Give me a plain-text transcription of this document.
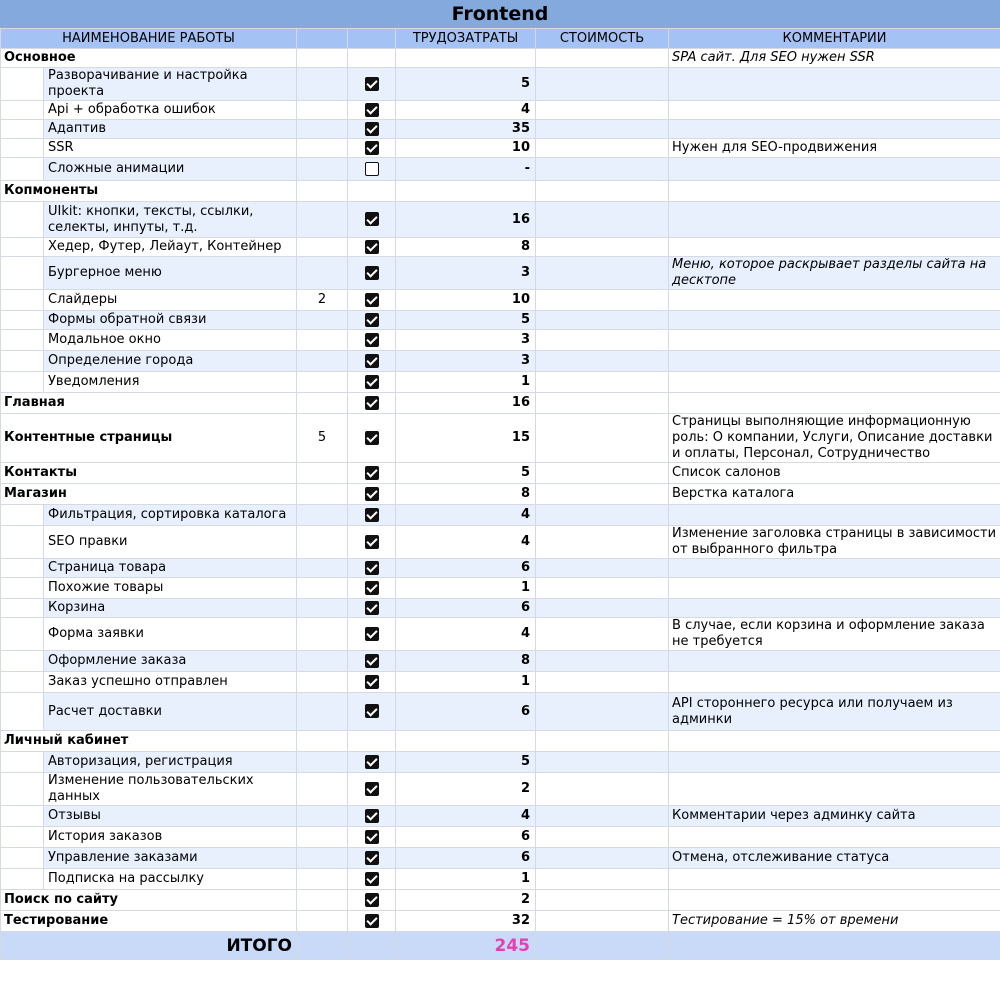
Frontend
НАИМЕНОВАНИЕ РАБОТЫ				ТРУДОЗАТРАТЫ	СТОИМОСТЬ	КОММЕНТАРИИ
Основное						SPA сайт. Для SEO нужен SSR
	Разворачивание и настройка проекта			5		
	Api + обработка ошибок			4		
	Адаптив			35		
	SSR			10		Нужен для SEO-продвижения
	Сложные анимации			-		
Копмоненты						
	UIkit: кнопки, тексты, ссылки, селекты, инпуты, т.д.			16		
	Хедер, Футер, Лейаут, Контейнер			8		
	Бургерное меню			3		Меню, которое раскрывает разделы сайта на десктопе
	Слайдеры	2		10		
	Формы обратной связи			5		
	Модальное окно			3		
	Определение города			3		
	Уведомления			1		
Главная				16		
Контентные страницы		5		15		Страницы выполняющие информационную роль: О компании, Услуги, Описание доставки и оплаты, Персонал, Сотрудничество
Контакты				5		Список салонов
Магазин				8		Верстка каталога
	Фильтрация, сортировка каталога			4		
	SEO правки			4		Изменение заголовка страницы в зависимости от выбранного фильтра
	Страница товара			6		
	Похожие товары			1		
	Корзина			6		
	Форма заявки			4		В случае, если корзина и оформление заказа не требуется
	Оформление заказа			8		
	Заказ успешно отправлен			1		
	Расчет доставки			6		API стороннего ресурса или получаем из админки
Личный кабинет						
	Авторизация, регистрация			5		
	Изменение пользовательских данных			2		
	Отзывы			4		Комментарии через админку сайта
	История заказов			6		
	Управление заказами			6		Отмена, отслеживание статуса
	Подписка на рассылку			1		
Поиск по сайту				2		
Тестирование				32		Тестирование = 15% от времени
ИТОГО				245		
